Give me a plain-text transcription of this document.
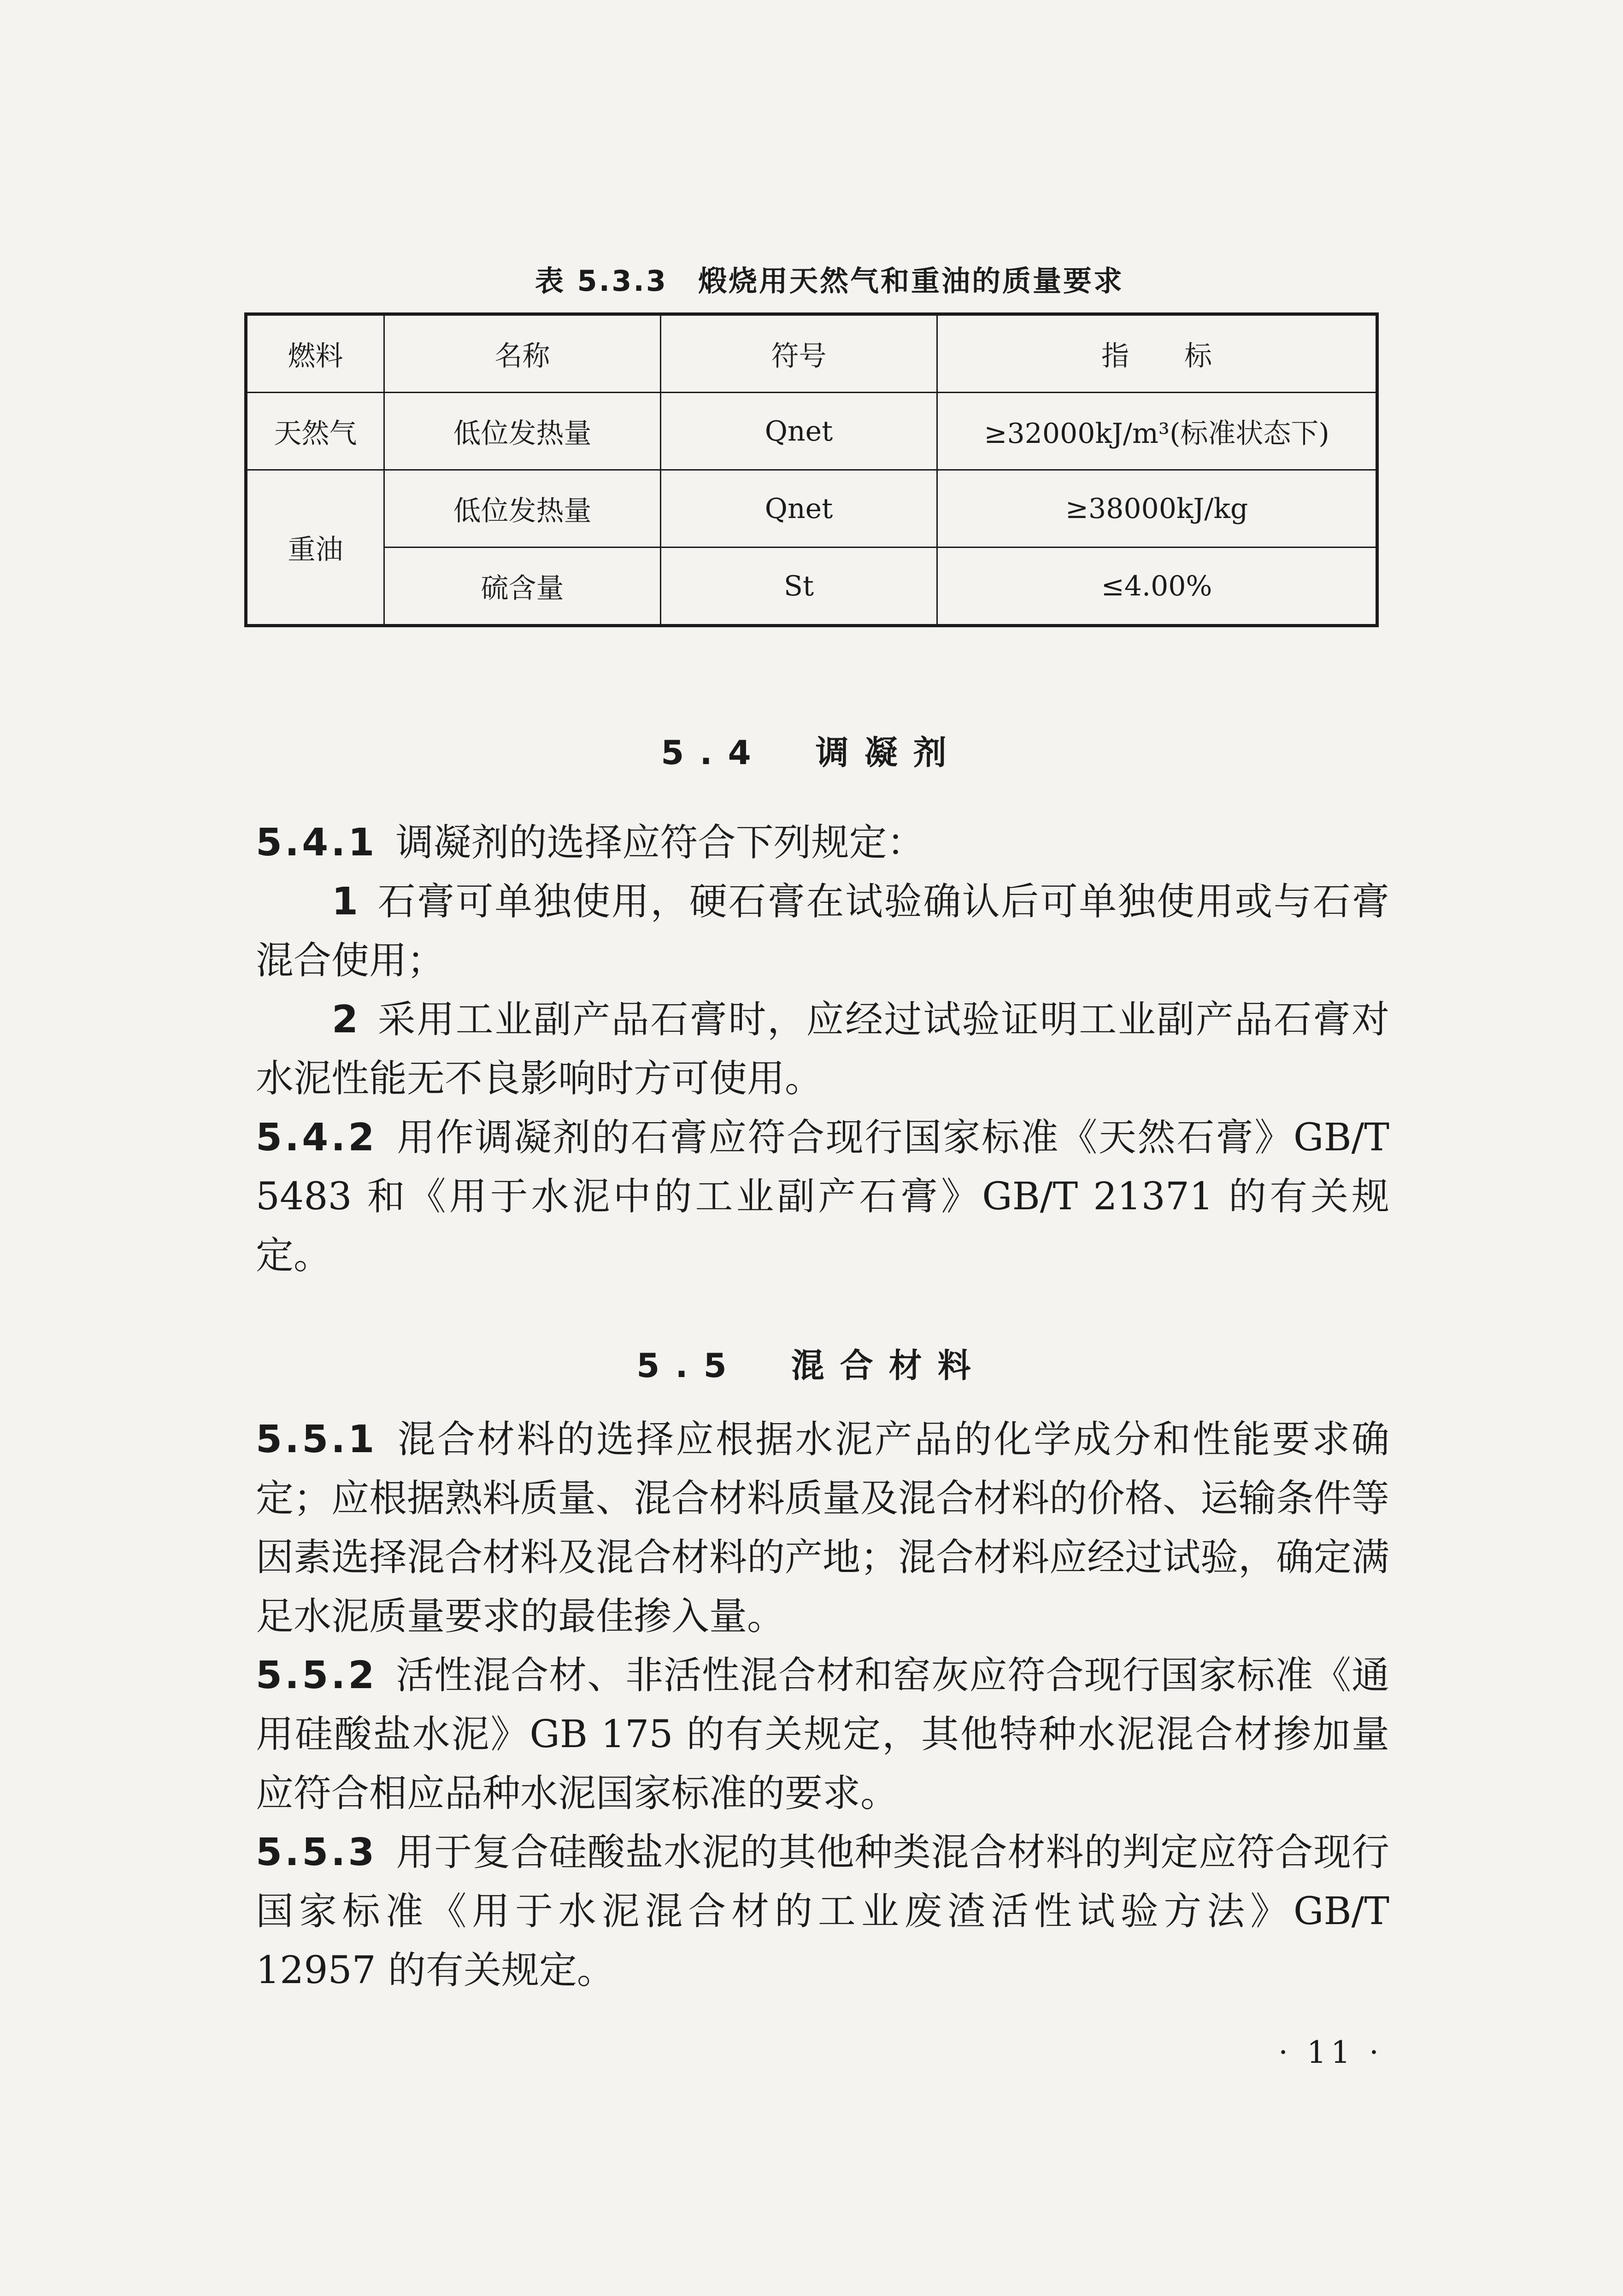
表 5.3.3　煅烧用天然气和重油的质量要求
燃料	名称	符号	指　　标
天然气	低位发热量	Qnet	≥32000kJ/m³(标准状态下)
重油	低位发热量	Qnet	≥38000kJ/kg
	硫含量	St	≤4.00%
5.4　调凝剂

5.4.1 调凝剂的选择应符合下列规定：

1 石膏可单独使用，硬石膏在试验确认后可单独使用或与石膏混合使用；

2 采用工业副产品石膏时，应经过试验证明工业副产品石膏对水泥性能无不良影响时方可使用。

5.4.2 用作调凝剂的石膏应符合现行国家标准《天然石膏》GB/T 5483 和《用于水泥中的工业副产石膏》GB/T 21371 的有关规定。

5.5　混合材料

5.5.1 混合材料的选择应根据水泥产品的化学成分和性能要求确定；应根据熟料质量、混合材料质量及混合材料的价格、运输条件等因素选择混合材料及混合材料的产地；混合材料应经过试验，确定满足水泥质量要求的最佳掺入量。

5.5.2 活性混合材、非活性混合材和窑灰应符合现行国家标准《通用硅酸盐水泥》GB 175 的有关规定，其他特种水泥混合材掺加量应符合相应品种水泥国家标准的要求。

5.5.3 用于复合硅酸盐水泥的其他种类混合材料的判定应符合现行国家标准《用于水泥混合材的工业废渣活性试验方法》GB/T 12957 的有关规定。

· 11 ·
